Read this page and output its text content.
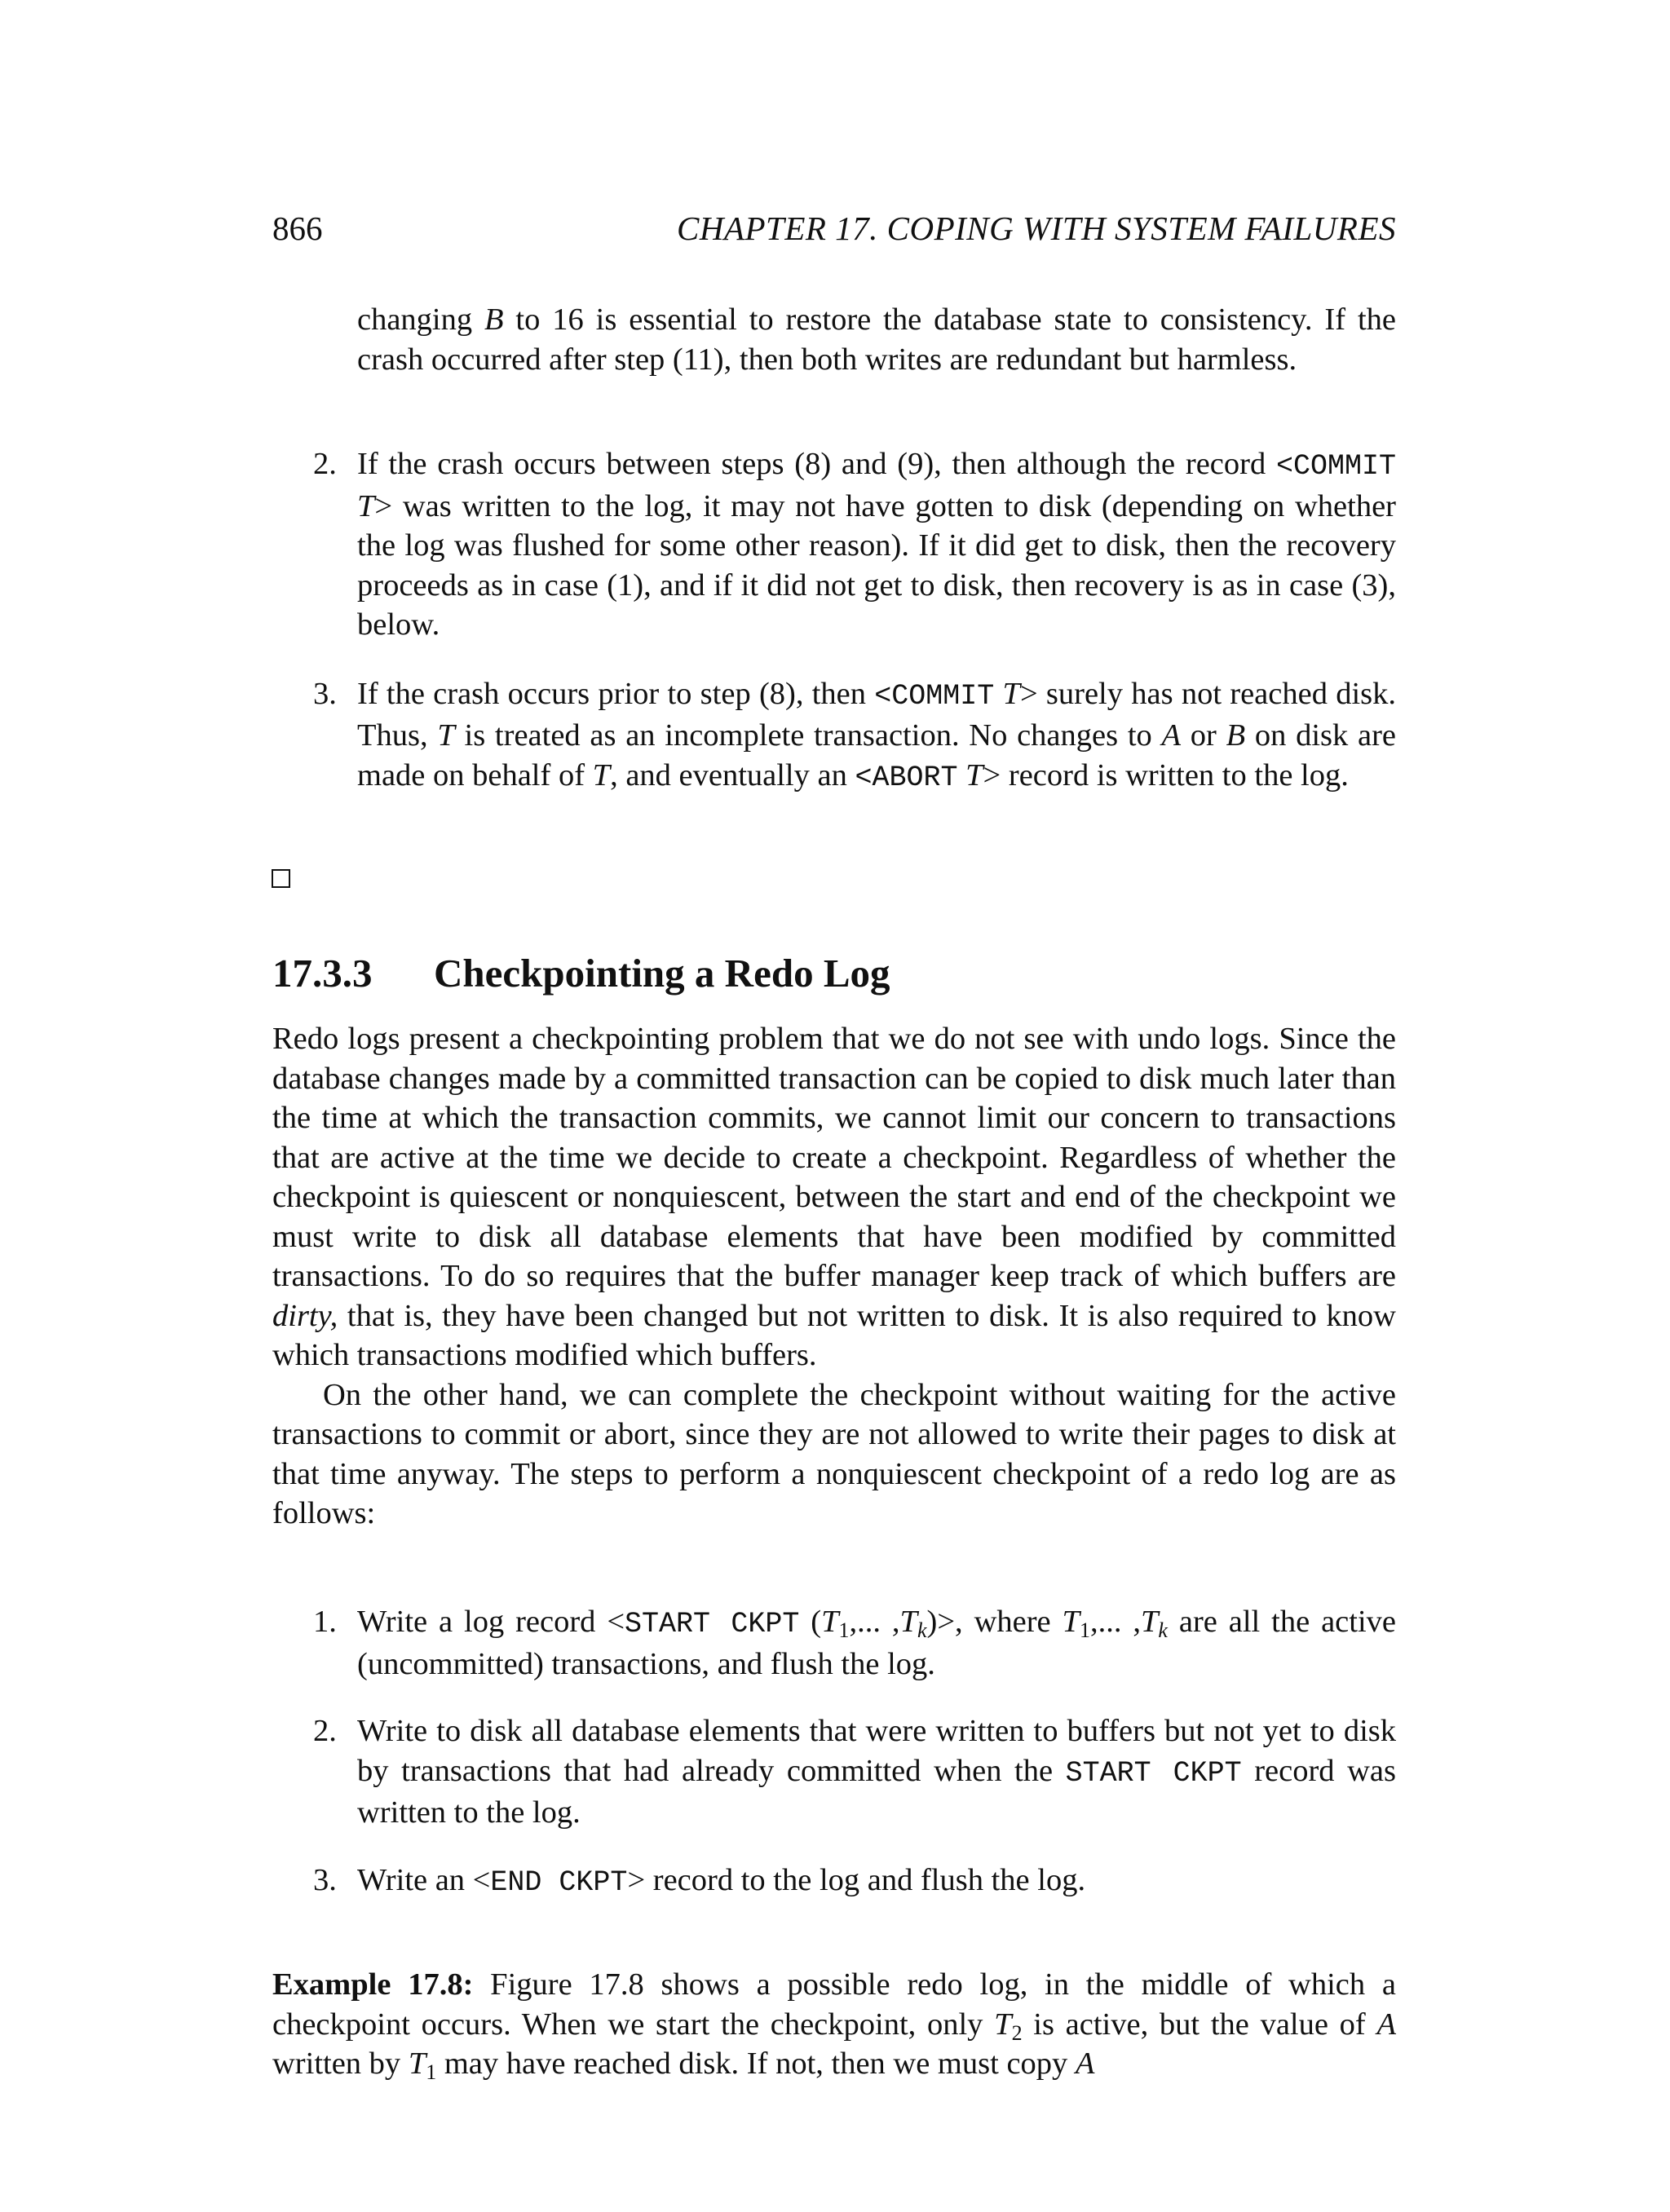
866	CHAPTER 17. COPING WITH SYSTEM FAILURES

changing B to 16 is essential to restore the database state to consistency. If the crash occurred after step (11), then both writes are redundant but harmless.

2. If the crash occurs between steps (8) and (9), then although the record <COMMIT T> was written to the log, it may not have gotten to disk (depending on whether the log was flushed for some other reason). If it did get to disk, then the recovery proceeds as in case (1), and if it did not get to disk, then recovery is as in case (3), below.

3. If the crash occurs prior to step (8), then <COMMIT T> surely has not reached disk. Thus, T is treated as an incomplete transaction. No changes to A or B on disk are made on behalf of T, and eventually an <ABORT T> record is written to the log.

17.3.3 Checkpointing a Redo Log

Redo logs present a checkpointing problem that we do not see with undo logs. Since the database changes made by a committed transaction can be copied to disk much later than the time at which the transaction commits, we cannot limit our concern to transactions that are active at the time we decide to create a checkpoint. Regardless of whether the checkpoint is quiescent or nonquiescent, between the start and end of the checkpoint we must write to disk all database elements that have been modified by committed transactions. To do so requires that the buffer manager keep track of which buffers are dirty, that is, they have been changed but not written to disk. It is also required to know which transactions modified which buffers.

On the other hand, we can complete the checkpoint without waiting for the active transactions to commit or abort, since they are not allowed to write their pages to disk at that time anyway. The steps to perform a nonquiescent checkpoint of a redo log are as follows:

1. Write a log record <START CKPT ($T_1$,... $,T_k)>$, where $T_1$,... $,T_k$ are all the active (uncommitted) transactions, and flush the log.

2. Write to disk all database elements that were written to buffers but not yet to disk by transactions that had already committed when the START CKPT record was written to the log.

3. Write an <END CKPT> record to the log and flush the log.

Example 17.8: Figure 17.8 shows a possible redo log, in the middle of which a checkpoint occurs. When we start the checkpoint, only $T_2$ is active, but the value of A written by $T_1$ may have reached disk. If not, then we must copy A
